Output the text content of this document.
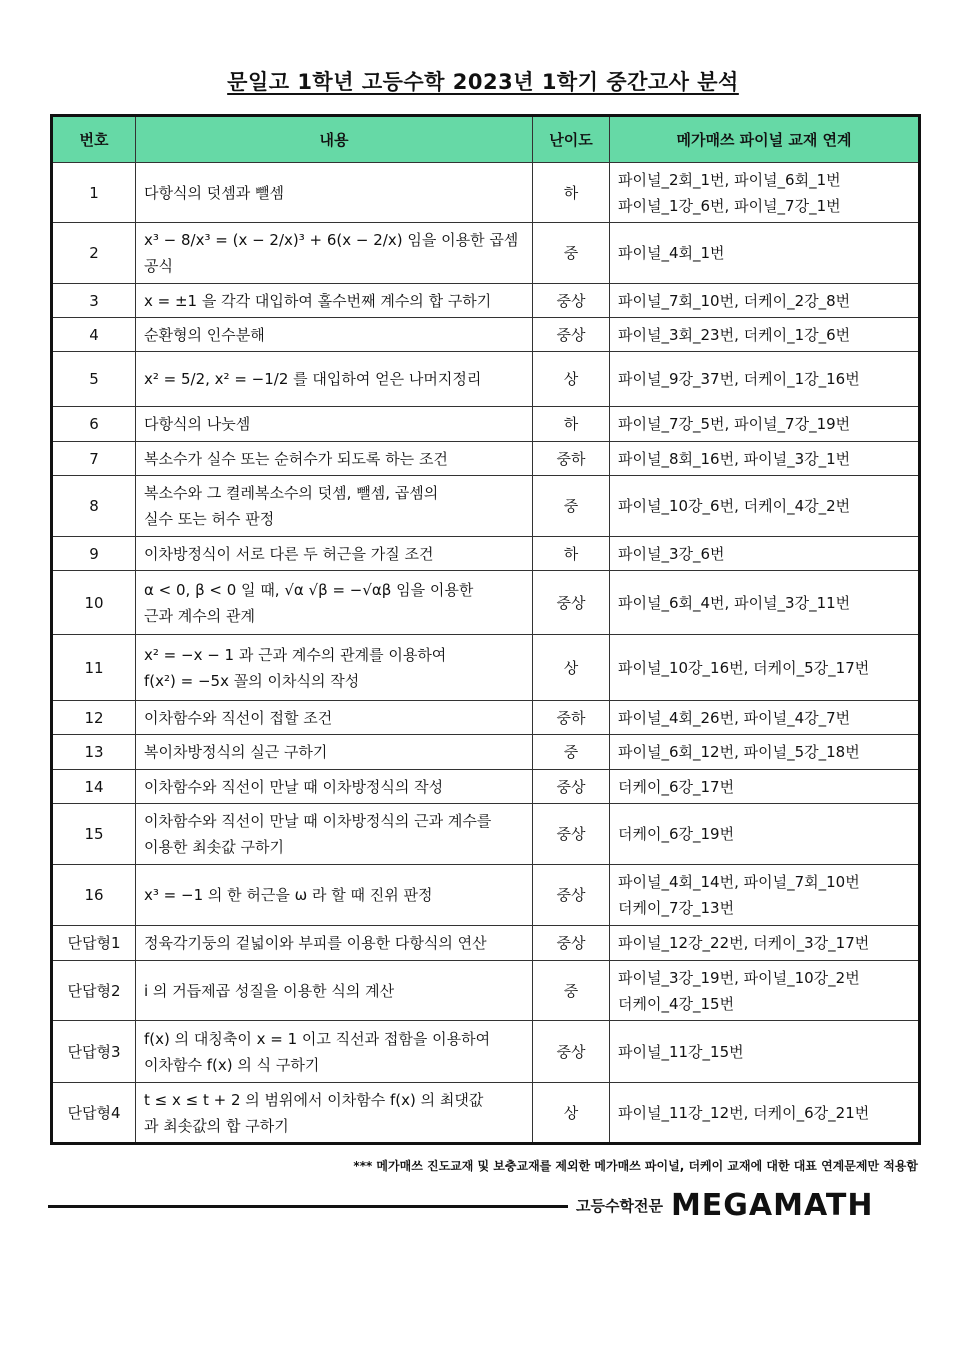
문일고 1학년 고등수학 2023년 1학기 중간고사 분석
번호	내용	난이도	메가매쓰 파이널 교재 연계
1	다항식의 덧셈과 뺄셈	하	파이널_2회_1번, 파이널_6회_1번
파이널_1강_6번, 파이널_7강_1번

2	x³ − 8/x³ = (x − 2/x)³ + 6(x − 2/x) 임을 이용한 곱셈공식	중	파이널_4회_1번

3	x = ±1 을 각각 대입하여 홀수번째 계수의 합 구하기	중상	파이널_7회_10번, 더케이_2강_8번

4	순환형의 인수분해	중상	파이널_3회_23번, 더케이_1강_6번

5	x² = 5/2, x² = −1/2 를 대입하여 얻은 나머지정리	상	파이널_9강_37번, 더케이_1강_16번

6	다항식의 나눗셈	하	파이널_7강_5번, 파이널_7강_19번

7	복소수가 실수 또는 순허수가 되도록 하는 조건	중하	파이널_8회_16번, 파이널_3강_1번

8	복소수와 그 켤레복소수의 덧셈, 뺄셈, 곱셈의
실수 또는 허수 판정	중	파이널_10강_6번, 더케이_4강_2번

9	이차방정식이 서로 다른 두 허근을 가질 조건	하	파이널_3강_6번

10	α < 0, β < 0 일 때, √α √β = −√αβ 임을 이용한
근과 계수의 관계	중상	파이널_6회_4번, 파이널_3강_11번

11	x² = −x − 1 과 근과 계수의 관계를 이용하여
f(x²) = −5x 꼴의 이차식의 작성	상	파이널_10강_16번, 더케이_5강_17번

12	이차함수와 직선이 접할 조건	중하	파이널_4회_26번, 파이널_4강_7번

13	복이차방정식의 실근 구하기	중	파이널_6회_12번, 파이널_5강_18번

14	이차함수와 직선이 만날 때 이차방정식의 작성	중상	더케이_6강_17번

15	이차함수와 직선이 만날 때 이차방정식의 근과 계수를
이용한 최솟값 구하기	중상	더케이_6강_19번

16	x³ = −1 의 한 허근을 ω 라 할 때 진위 판정	중상	파이널_4회_14번, 파이널_7회_10번
더케이_7강_13번

단답형1	정육각기둥의 겉넓이와 부피를 이용한 다항식의 연산	중상	파이널_12강_22번, 더케이_3강_17번

단답형2	i 의 거듭제곱 성질을 이용한 식의 계산	중	파이널_3강_19번, 파이널_10강_2번
더케이_4강_15번

단답형3	f(x) 의 대칭축이 x = 1 이고 직선과 접함을 이용하여
이차함수 f(x) 의 식 구하기	중상	파이널_11강_15번

단답형4	t ≤ x ≤ t + 2 의 범위에서 이차함수 f(x) 의 최댓값
과 최솟값의 합 구하기	상	파이널_11강_12번, 더케이_6강_21번
*** 메가매쓰 진도교재 및 보충교재를 제외한 메가매쓰 파이널, 더케이 교재에 대한 대표 연계문제만 적용함
고등수학전문 MEGAMATH
